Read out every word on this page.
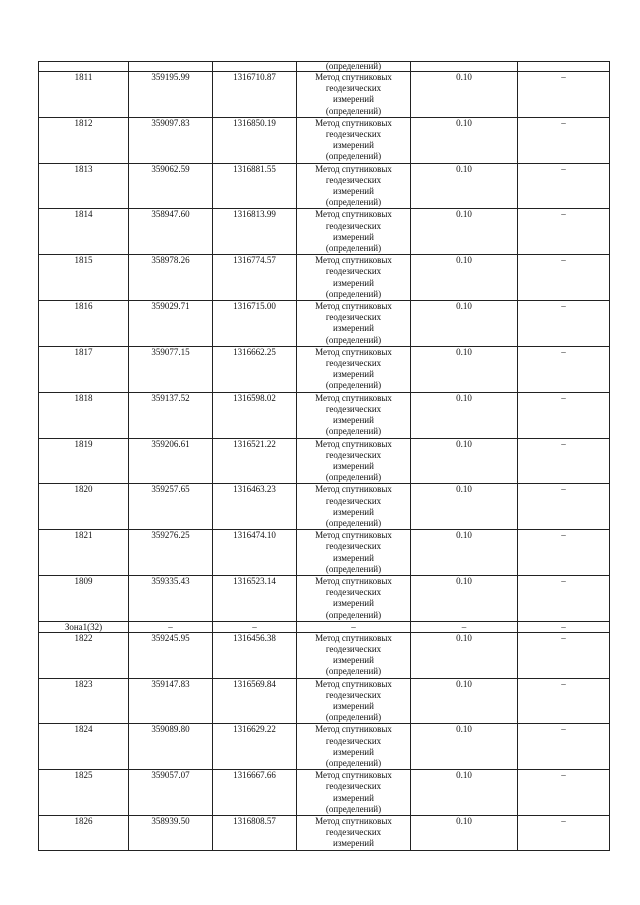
			(определений)		
1811	359195.99	1316710.87	Метод спутниковых
геодезических
измерений
(определений)	0.10	–
1812	359097.83	1316850.19	Метод спутниковых
геодезических
измерений
(определений)	0.10	–
1813	359062.59	1316881.55	Метод спутниковых
геодезических
измерений
(определений)	0.10	–
1814	358947.60	1316813.99	Метод спутниковых
геодезических
измерений
(определений)	0.10	–
1815	358978.26	1316774.57	Метод спутниковых
геодезических
измерений
(определений)	0.10	–
1816	359029.71	1316715.00	Метод спутниковых
геодезических
измерений
(определений)	0.10	–
1817	359077.15	1316662.25	Метод спутниковых
геодезических
измерений
(определений)	0.10	–
1818	359137.52	1316598.02	Метод спутниковых
геодезических
измерений
(определений)	0.10	–
1819	359206.61	1316521.22	Метод спутниковых
геодезических
измерений
(определений)	0.10	–
1820	359257.65	1316463.23	Метод спутниковых
геодезических
измерений
(определений)	0.10	–
1821	359276.25	1316474.10	Метод спутниковых
геодезических
измерений
(определений)	0.10	–
1809	359335.43	1316523.14	Метод спутниковых
геодезических
измерений
(определений)	0.10	–
Зона1(32)	–	–	–	–	–
1822	359245.95	1316456.38	Метод спутниковых
геодезических
измерений
(определений)	0.10	–
1823	359147.83	1316569.84	Метод спутниковых
геодезических
измерений
(определений)	0.10	–
1824	359089.80	1316629.22	Метод спутниковых
геодезических
измерений
(определений)	0.10	–
1825	359057.07	1316667.66	Метод спутниковых
геодезических
измерений
(определений)	0.10	–
1826	358939.50	1316808.57	Метод спутниковых
геодезических
измерений	0.10	–
